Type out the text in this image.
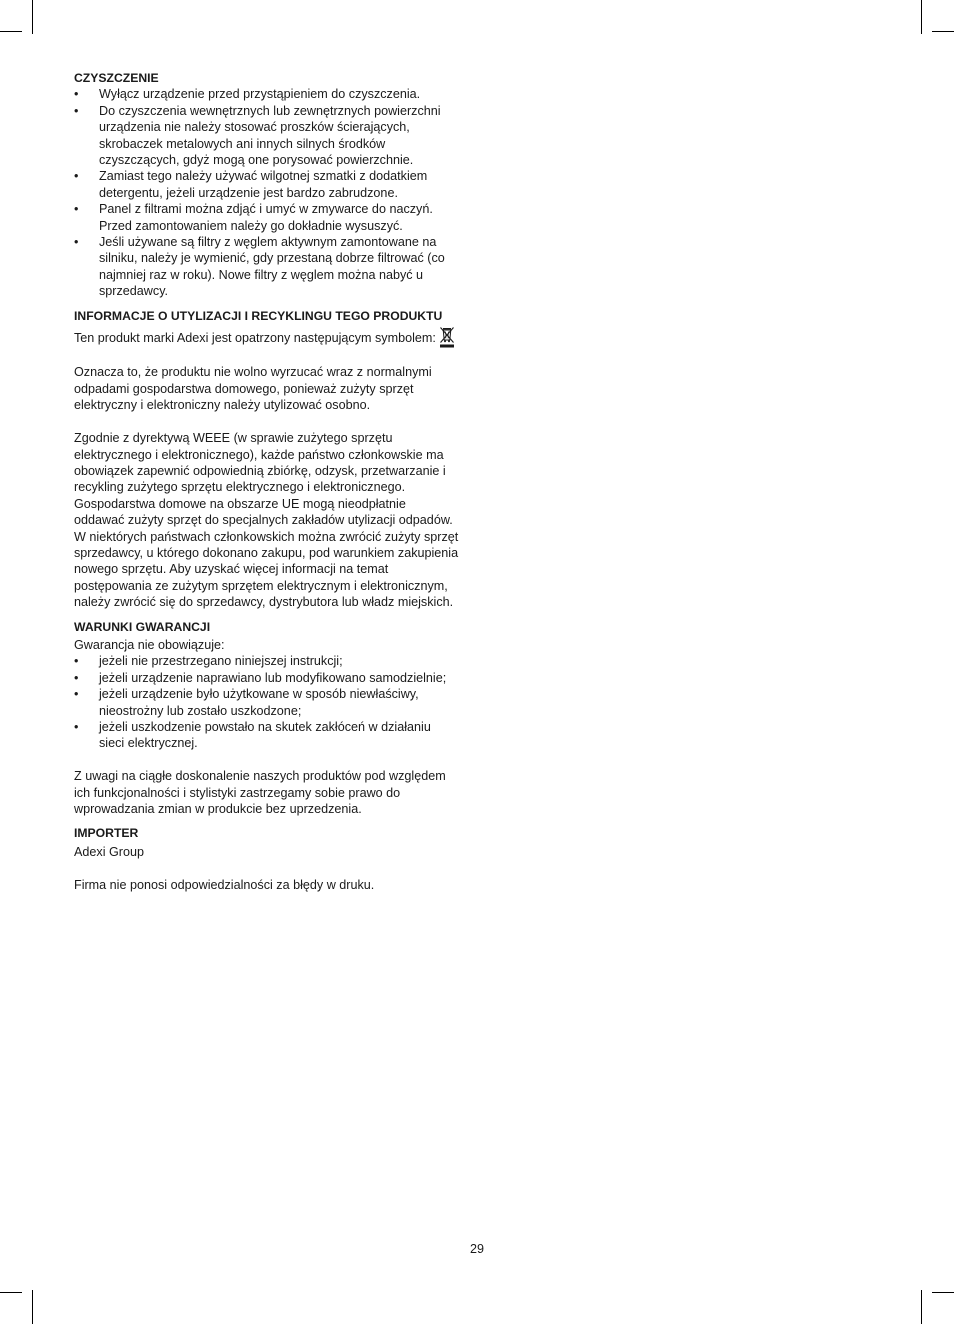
CZYSZCZENIE
• Wyłącz urządzenie przed przystąpieniem do czyszczenia.
• Do czyszczenia wewnętrznych lub zewnętrznych powierzchni urządzenia nie należy stosować proszków ścierających, skrobaczek metalowych ani innych silnych środków czyszczących, gdyż mogą one porysować powierzchnie.
• Zamiast tego należy używać wilgotnej szmatki z dodatkiem detergentu, jeżeli urządzenie jest bardzo zabrudzone.
• Panel z filtrami można zdjąć i umyć w zmywarce do naczyń. Przed zamontowaniem należy go dokładnie wysuszyć.
• Jeśli używane są filtry z węglem aktywnym zamontowane na silniku, należy je wymienić, gdy przestaną dobrze filtrować (co najmniej raz w roku). Nowe filtry z węglem można nabyć u sprzedawcy.
INFORMACJE O UTYLIZACJI I RECYKLINGU TEGO PRODUKTU

Ten produkt marki Adexi jest opatrzony następującym symbolem:

Oznacza to, że produktu nie wolno wyrzucać wraz z normalnymi odpadami gospodarstwa domowego, ponieważ zużyty sprzęt elektryczny i elektroniczny należy utylizować osobno.

Zgodnie z dyrektywą WEEE (w sprawie zużytego sprzętu elektrycznego i elektronicznego), każde państwo członkowskie ma obowiązek zapewnić odpowiednią zbiórkę, odzysk, przetwarzanie i recykling zużytego sprzętu elektrycznego i elektronicznego. Gospodarstwa domowe na obszarze UE mogą nieodpłatnie oddawać zużyty sprzęt do specjalnych zakładów utylizacji odpadów. W niektórych państwach członkowskich można zwrócić zużyty sprzęt sprzedawcy, u którego dokonano zakupu, pod warunkiem zakupienia nowego sprzętu. Aby uzyskać więcej informacji na temat postępowania ze zużytym sprzętem elektrycznym i elektronicznym, należy zwrócić się do sprzedawcy, dystrybutora lub władz miejskich.

WARUNKI GWARANCJI

Gwarancja nie obowiązuje:

• jeżeli nie przestrzegano niniejszej instrukcji;
• jeżeli urządzenie naprawiano lub modyfikowano samodzielnie;
• jeżeli urządzenie było użytkowane w sposób niewłaściwy, nieostrożny lub zostało uszkodzone;
• jeżeli uszkodzenie powstało na skutek zakłóceń w działaniu sieci elektrycznej.

Z uwagi na ciągłe doskonalenie naszych produktów pod względem ich funkcjonalności i stylistyki zastrzegamy sobie prawo do wprowadzania zmian w produkcie bez uprzedzenia.

IMPORTER

Adexi Group

Firma nie ponosi odpowiedzialności za błędy w druku.

29
